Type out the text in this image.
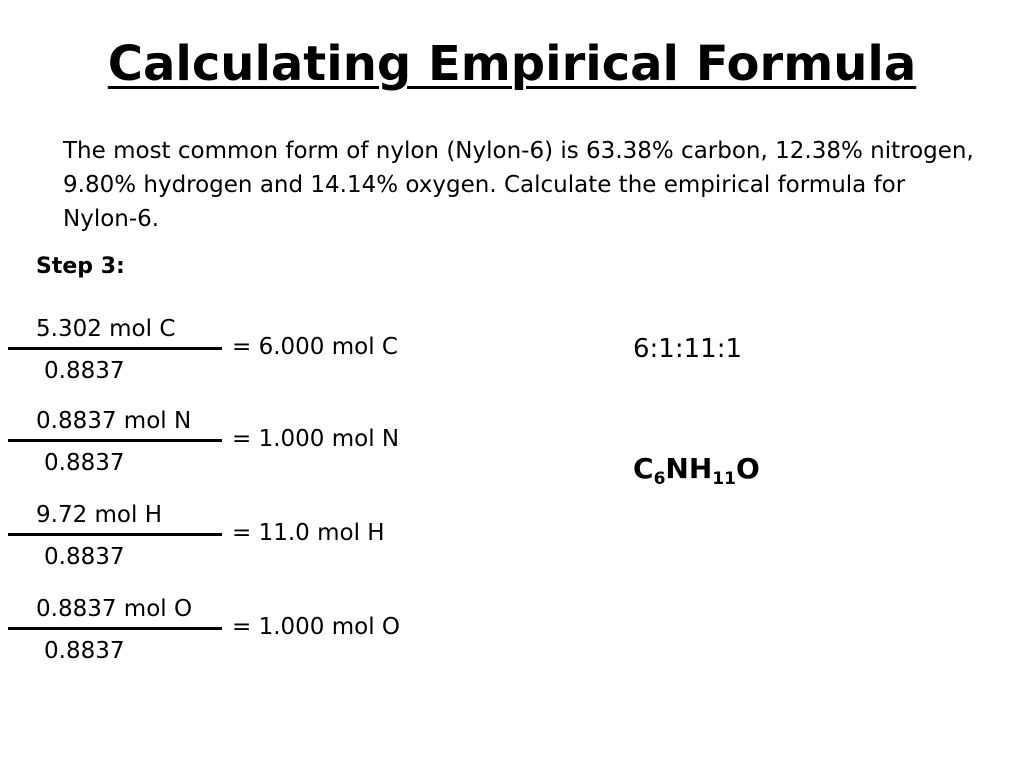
Calculating Empirical Formula
The most common form of nylon (Nylon-6) is 63.38% carbon, 12.38% nitrogen, 9.80% hydrogen and 14.14% oxygen. Calculate the empirical formula for Nylon-6.
Step 3:
5.302 mol C
0.8837
= 6.000 mol C
0.8837 mol N
0.8837
= 1.000 mol N
9.72 mol H
0.8837
= 11.0 mol H
0.8837 mol O
0.8837
= 1.000 mol O
6:1:11:1
$C_6NH_{11}O$
